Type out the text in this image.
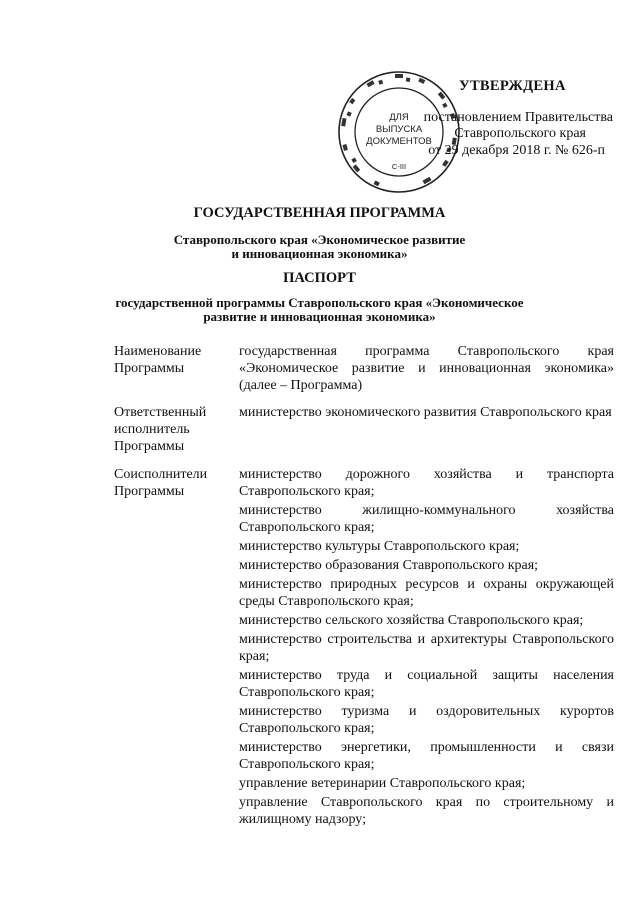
ДЛЯ
ВЫПУСКА
ДОКУМЕНТОВ
С-III
УТВЕРЖДЕНА
постановлением Правительства
Ставропольского края
от 29 декабря 2018 г. № 626-п
ГОСУДАРСТВЕННАЯ ПРОГРАММА
Ставропольского края «Экономическое развитие
и инновационная экономика»
ПАСПОРТ
государственной программы Ставропольского края «Экономическое
развитие и инновационная экономика»
Наименование
Программы
государственная программа Ставропольского края «Экономическое развитие и инновационная экономика» (далее – Программа)
Ответственный
исполнитель
Программы
министерство экономического развития Ставропольского края
Соисполнители
Программы
министерство дорожного хозяйства и транспорта Ставропольского края;
министерство жилищно-коммунального хозяйства Ставропольского края;
министерство культуры Ставропольского края;
министерство образования Ставропольского края;
министерство природных ресурсов и охраны окружающей среды Ставропольского края;
министерство сельского хозяйства Ставропольского края;
министерство строительства и архитектуры Ставропольского края;
министерство труда и социальной защиты населения Ставропольского края;
министерство туризма и оздоровительных курортов Ставропольского края;
министерство энергетики, промышленности и связи Ставропольского края;
управление ветеринарии Ставропольского края;
управление Ставропольского края по строительному и жилищному надзору;
